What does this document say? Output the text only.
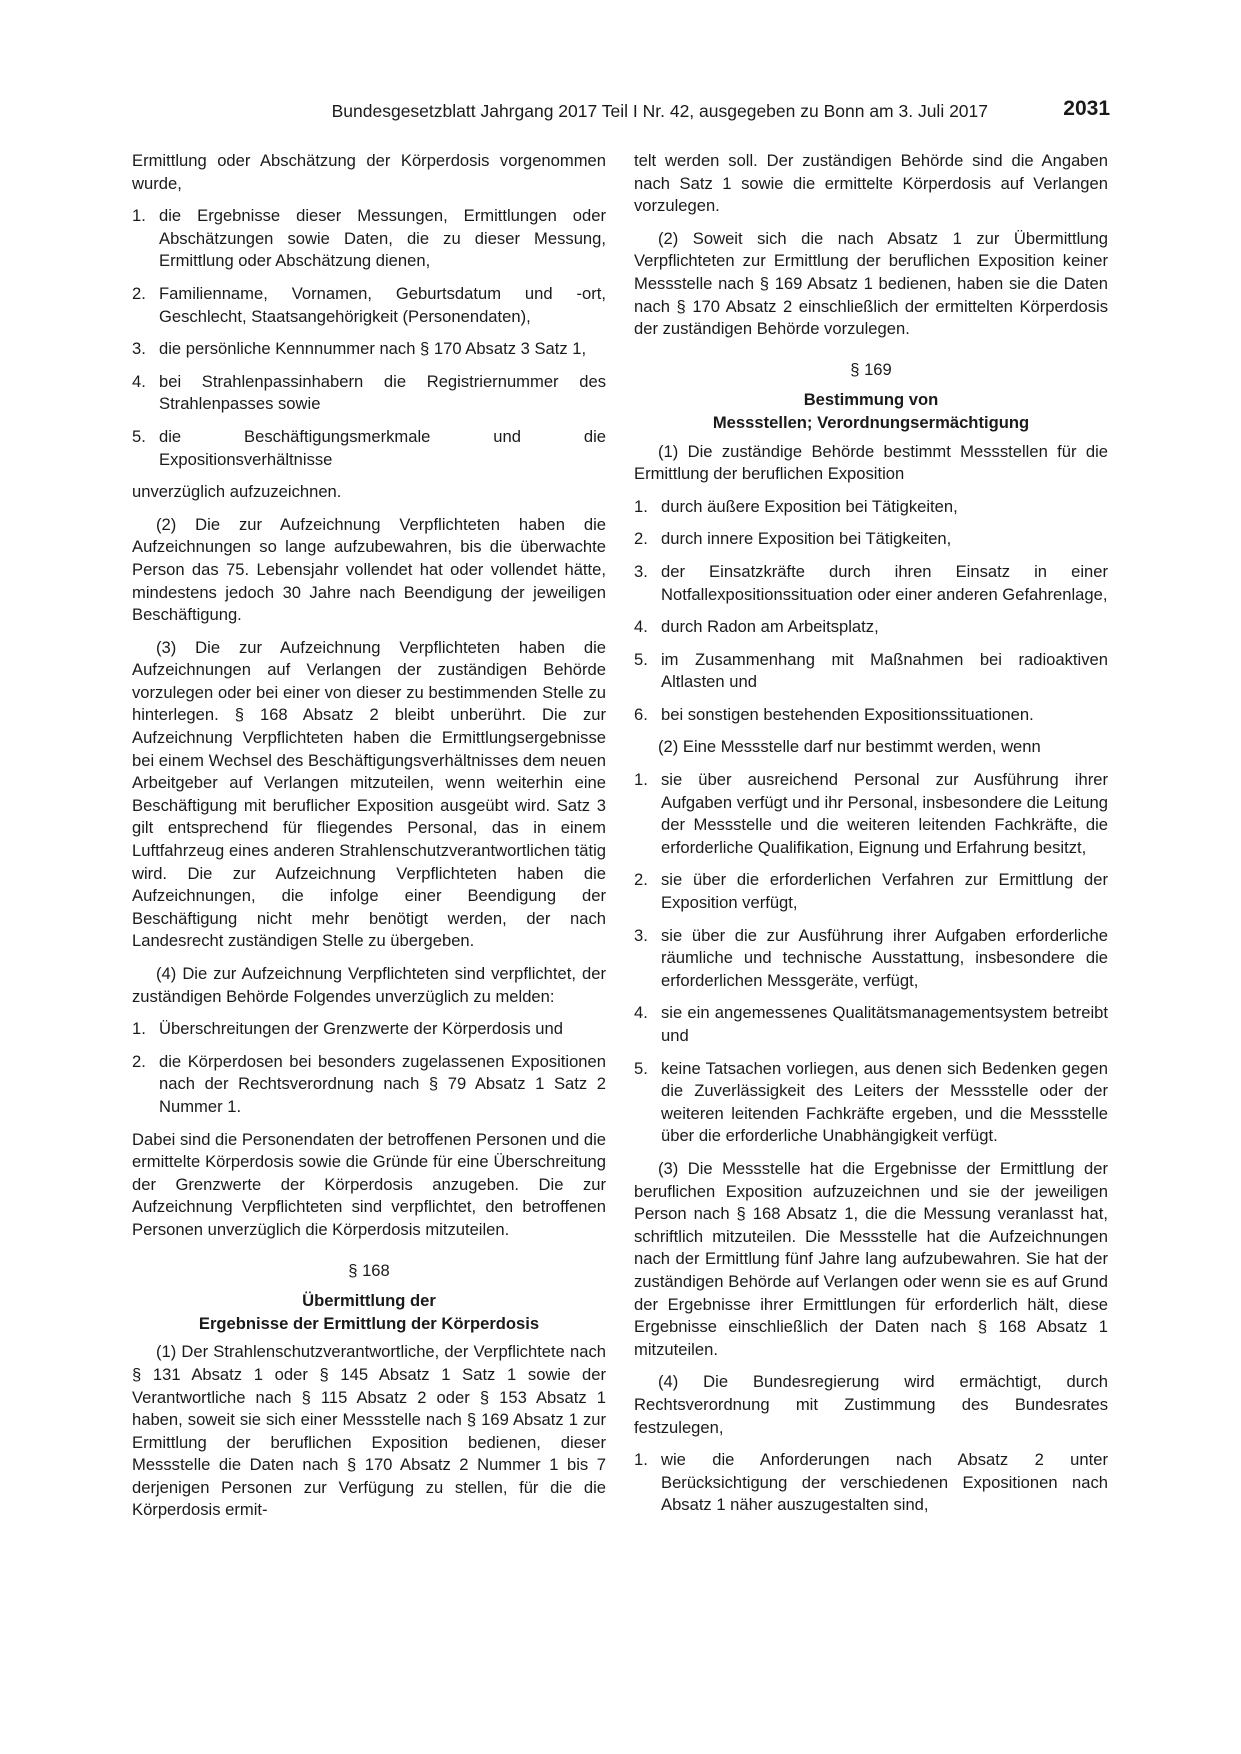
Bundesgesetzblatt Jahrgang 2017 Teil I Nr. 42, ausgegeben zu Bonn am 3. Juli 2017	2031

Ermittlung oder Abschätzung der Körperdosis vorgenommen wurde,

1. die Ergebnisse dieser Messungen, Ermittlungen oder Abschätzungen sowie Daten, die zu dieser Messung, Ermittlung oder Abschätzung dienen,
2. Familienname, Vornamen, Geburtsdatum und -ort, Geschlecht, Staatsangehörigkeit (Personendaten),
3. die persönliche Kennnummer nach § 170 Absatz 3 Satz 1,
4. bei Strahlenpassinhabern die Registriernummer des Strahlenpasses sowie
5. die Beschäftigungsmerkmale und die Expositionsverhältnisse

unverzüglich aufzuzeichnen.

(2) Die zur Aufzeichnung Verpflichteten haben die Aufzeichnungen so lange aufzubewahren, bis die überwachte Person das 75. Lebensjahr vollendet hat oder vollendet hätte, mindestens jedoch 30 Jahre nach Beendigung der jeweiligen Beschäftigung.

(3) Die zur Aufzeichnung Verpflichteten haben die Aufzeichnungen auf Verlangen der zuständigen Behörde vorzulegen oder bei einer von dieser zu bestimmenden Stelle zu hinterlegen. § 168 Absatz 2 bleibt unberührt. Die zur Aufzeichnung Verpflichteten haben die Ermittlungsergebnisse bei einem Wechsel des Beschäftigungsverhältnisses dem neuen Arbeitgeber auf Verlangen mitzuteilen, wenn weiterhin eine Beschäftigung mit beruflicher Exposition ausgeübt wird. Satz 3 gilt entsprechend für fliegendes Personal, das in einem Luftfahrzeug eines anderen Strahlenschutzverantwortlichen tätig wird. Die zur Aufzeichnung Verpflichteten haben die Aufzeichnungen, die infolge einer Beendigung der Beschäftigung nicht mehr benötigt werden, der nach Landesrecht zuständigen Stelle zu übergeben.

(4) Die zur Aufzeichnung Verpflichteten sind verpflichtet, der zuständigen Behörde Folgendes unverzüglich zu melden:

1. Überschreitungen der Grenzwerte der Körperdosis und
2. die Körperdosen bei besonders zugelassenen Expositionen nach der Rechtsverordnung nach § 79 Absatz 1 Satz 2 Nummer 1.

Dabei sind die Personendaten der betroffenen Personen und die ermittelte Körperdosis sowie die Gründe für eine Überschreitung der Grenzwerte der Körperdosis anzugeben. Die zur Aufzeichnung Verpflichteten sind verpflichtet, den betroffenen Personen unverzüglich die Körperdosis mitzuteilen.

§ 168
Übermittlung der
Ergebnisse der Ermittlung der Körperdosis

(1) Der Strahlenschutzverantwortliche, der Verpflichtete nach § 131 Absatz 1 oder § 145 Absatz 1 Satz 1 sowie der Verantwortliche nach § 115 Absatz 2 oder § 153 Absatz 1 haben, soweit sie sich einer Messstelle nach § 169 Absatz 1 zur Ermittlung der beruflichen Exposition bedienen, dieser Messstelle die Daten nach § 170 Absatz 2 Nummer 1 bis 7 derjenigen Personen zur Verfügung zu stellen, für die die Körperdosis ermit-

telt werden soll. Der zuständigen Behörde sind die Angaben nach Satz 1 sowie die ermittelte Körperdosis auf Verlangen vorzulegen.

(2) Soweit sich die nach Absatz 1 zur Übermittlung Verpflichteten zur Ermittlung der beruflichen Exposition keiner Messstelle nach § 169 Absatz 1 bedienen, haben sie die Daten nach § 170 Absatz 2 einschließlich der ermittelten Körperdosis der zuständigen Behörde vorzulegen.

§ 169
Bestimmung von
Messstellen; Verordnungsermächtigung

(1) Die zuständige Behörde bestimmt Messstellen für die Ermittlung der beruflichen Exposition

1. durch äußere Exposition bei Tätigkeiten,
2. durch innere Exposition bei Tätigkeiten,
3. der Einsatzkräfte durch ihren Einsatz in einer Notfallexpositionssituation oder einer anderen Gefahrenlage,
4. durch Radon am Arbeitsplatz,
5. im Zusammenhang mit Maßnahmen bei radioaktiven Altlasten und
6. bei sonstigen bestehenden Expositionssituationen.

(2) Eine Messstelle darf nur bestimmt werden, wenn

1. sie über ausreichend Personal zur Ausführung ihrer Aufgaben verfügt und ihr Personal, insbesondere die Leitung der Messstelle und die weiteren leitenden Fachkräfte, die erforderliche Qualifikation, Eignung und Erfahrung besitzt,
2. sie über die erforderlichen Verfahren zur Ermittlung der Exposition verfügt,
3. sie über die zur Ausführung ihrer Aufgaben erforderliche räumliche und technische Ausstattung, insbesondere die erforderlichen Messgeräte, verfügt,
4. sie ein angemessenes Qualitätsmanagementsystem betreibt und
5. keine Tatsachen vorliegen, aus denen sich Bedenken gegen die Zuverlässigkeit des Leiters der Messstelle oder der weiteren leitenden Fachkräfte ergeben, und die Messstelle über die erforderliche Unabhängigkeit verfügt.

(3) Die Messstelle hat die Ergebnisse der Ermittlung der beruflichen Exposition aufzuzeichnen und sie der jeweiligen Person nach § 168 Absatz 1, die die Messung veranlasst hat, schriftlich mitzuteilen. Die Messstelle hat die Aufzeichnungen nach der Ermittlung fünf Jahre lang aufzubewahren. Sie hat der zuständigen Behörde auf Verlangen oder wenn sie es auf Grund der Ergebnisse ihrer Ermittlungen für erforderlich hält, diese Ergebnisse einschließlich der Daten nach § 168 Absatz 1 mitzuteilen.

(4) Die Bundesregierung wird ermächtigt, durch Rechtsverordnung mit Zustimmung des Bundesrates festzulegen,

1. wie die Anforderungen nach Absatz 2 unter Berücksichtigung der verschiedenen Expositionen nach Absatz 1 näher auszugestalten sind,
